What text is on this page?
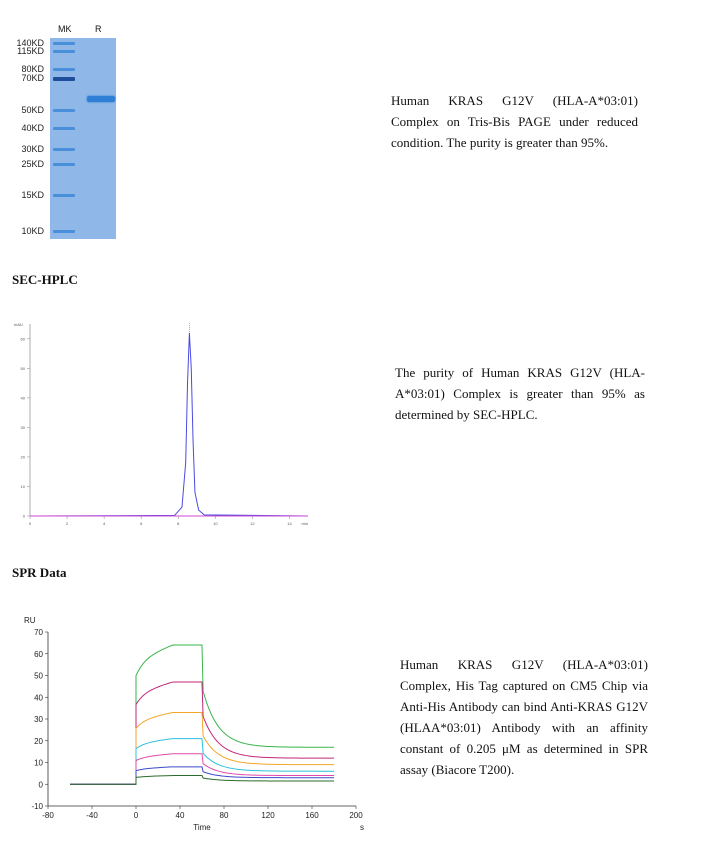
MK	R
140KD
115KD
80KD
70KD
50KD
40KD
30KD
25KD
15KD
10KD
Human KRAS G12V (HLA-A*03:01) Complex on Tris-Bis PAGE under reduced condition. The purity is greater than 95%.
SEC-HPLC
mAU
0
10
20
30
40
50
60
0	2	4	6	8	10	12	14 min
The purity of Human KRAS G12V (HLA-A*03:01) Complex is greater than 95% as determined by SEC-HPLC.
SPR Data
RU
-10
0
10
20
30
40
50
60
70
-80	-40	0	40	80	120	160	200
Time	s
Human KRAS G12V (HLA-A*03:01) Complex, His Tag captured on CM5 Chip via Anti-His Antibody can bind Anti-KRAS G12V (HLAA*03:01) Antibody with an affinity constant of 0.205 μM as determined in SPR assay (Biacore T200).
